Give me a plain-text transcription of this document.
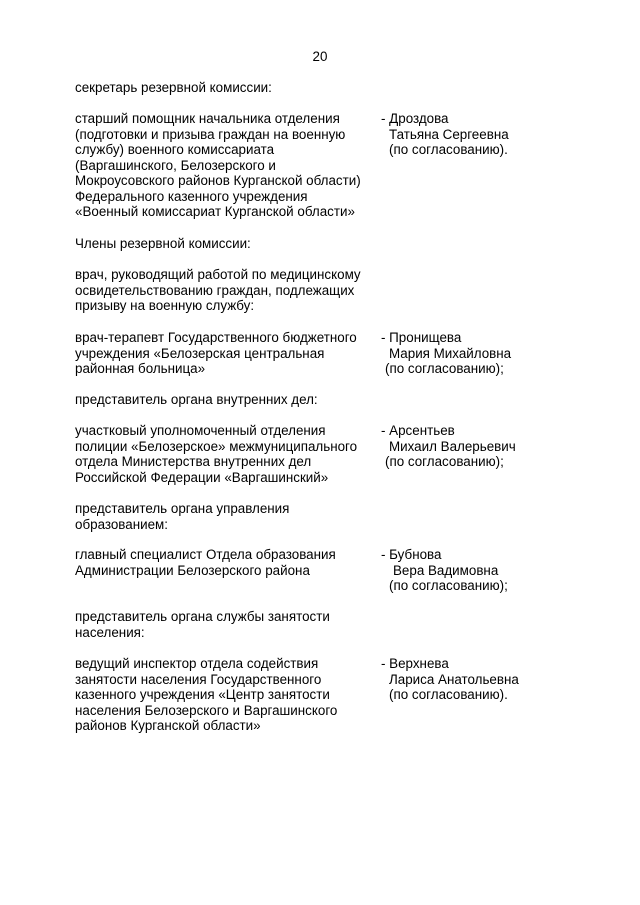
20
секретарь резервной комиссии:
старший помощник начальника отделения
(подготовки и призыва граждан на военную
службу) военного комиссариата
(Варгашинского, Белозерского и
Мокроусовского районов Курганской области)
Федерального казенного учреждения
«Военный комиссариат Курганской области»
- Дроздова
Татьяна Сергеевна
(по согласованию).
Члены резервной комиссии:
врач, руководящий работой по медицинскому
освидетельствованию граждан, подлежащих
призыву на военную службу:
врач-терапевт Государственного бюджетного
учреждения «Белозерская центральная
районная больница»
- Пронищева
Мария Михайловна
(по согласованию);
представитель органа внутренних дел:
участковый уполномоченный отделения
полиции «Белозерское» межмуниципального
отдела Министерства внутренних дел
Российской Федерации «Варгашинский»
- Арсентьев
Михаил Валерьевич
(по согласованию);
представитель органа управления
образованием:
главный специалист Отдела образования
Администрации Белозерского района
- Бубнова
Вера Вадимовна
(по согласованию);
представитель органа службы занятости
населения:
ведущий инспектор отдела содействия
занятости населения Государственного
казенного учреждения «Центр занятости
населения Белозерского и Варгашинского
районов Курганской области»
- Верхнева
Лариса Анатольевна
(по согласованию).
